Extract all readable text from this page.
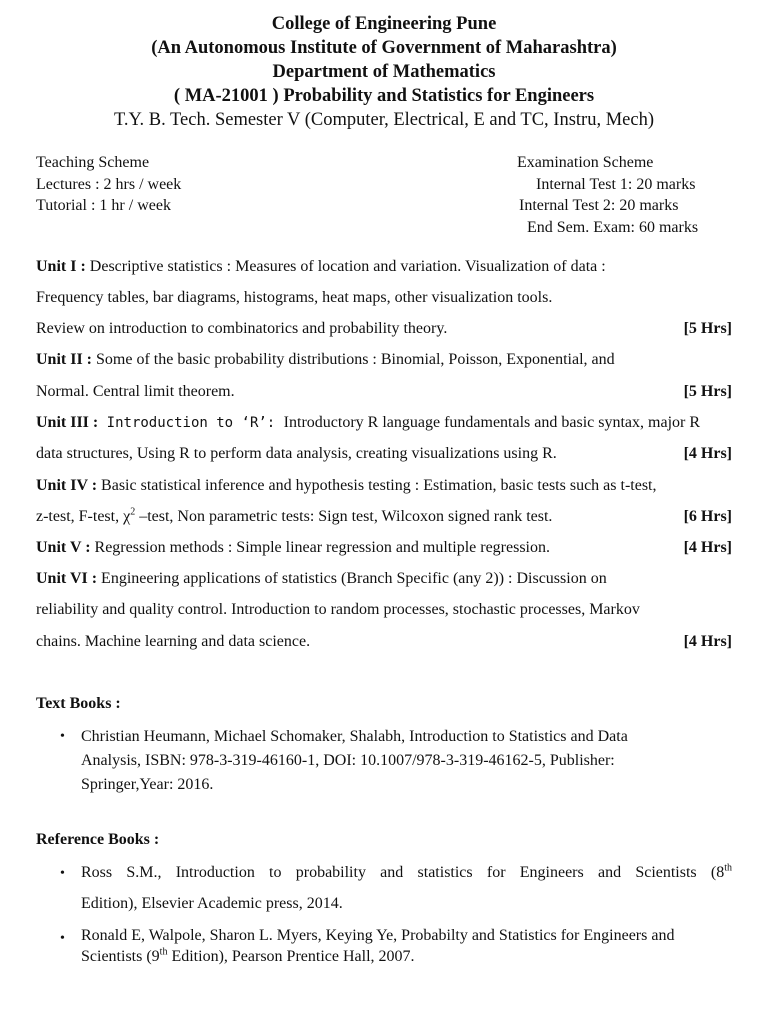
College of Engineering Pune
(An Autonomous Institute of Government of Maharashtra)
Department of Mathematics
( MA-21001 ) Probability and Statistics for Engineers
T.Y. B. Tech. Semester V (Computer, Electrical, E and TC, Instru, Mech)
Teaching Scheme
Lectures : 2 hrs / week
Tutorial : 1 hr / week
Examination Scheme
Internal Test 1: 20 marks
Internal Test 2: 20 marks
End Sem. Exam: 60 marks
Unit I : Descriptive statistics : Measures of location and variation. Visualization of data :
Frequency tables, bar diagrams, histograms, heat maps, other visualization tools.
Review on introduction to combinatorics and probability theory.	[5 Hrs]
Unit II : Some of the basic probability distributions : Binomial, Poisson, Exponential, and
Normal. Central limit theorem.	[5 Hrs]
Unit III : Introduction to ‘R’: Introductory R language fundamentals and basic syntax, major R
data structures, Using R to perform data analysis, creating visualizations using R.	[4 Hrs]
Unit IV : Basic statistical inference and hypothesis testing : Estimation, basic tests such as t-test,
z-test, F-test, $\chi^2$ –test, Non parametric tests: Sign test, Wilcoxon signed rank test.	[6 Hrs]
Unit V : Regression methods : Simple linear regression and multiple regression.	[4 Hrs]
Unit VI : Engineering applications of statistics (Branch Specific (any 2)) : Discussion on
reliability and quality control. Introduction to random processes, stochastic processes, Markov
chains. Machine learning and data science.	[4 Hrs]
Text Books :
• Christian Heumann, Michael Schomaker, Shalabh, Introduction to Statistics and Data
Analysis, ISBN: 978-3-319-46160-1, DOI: 10.1007/978-3-319-46162-5, Publisher:
Springer,Year: 2016.
Reference Books :
• Ross S.M., Introduction to probability and statistics for Engineers and Scientists (8th
Edition), Elsevier Academic press, 2014.
• Ronald E, Walpole, Sharon L. Myers, Keying Ye, Probabilty and Statistics for Engineers and
Scientists (9th Edition), Pearson Prentice Hall, 2007.
